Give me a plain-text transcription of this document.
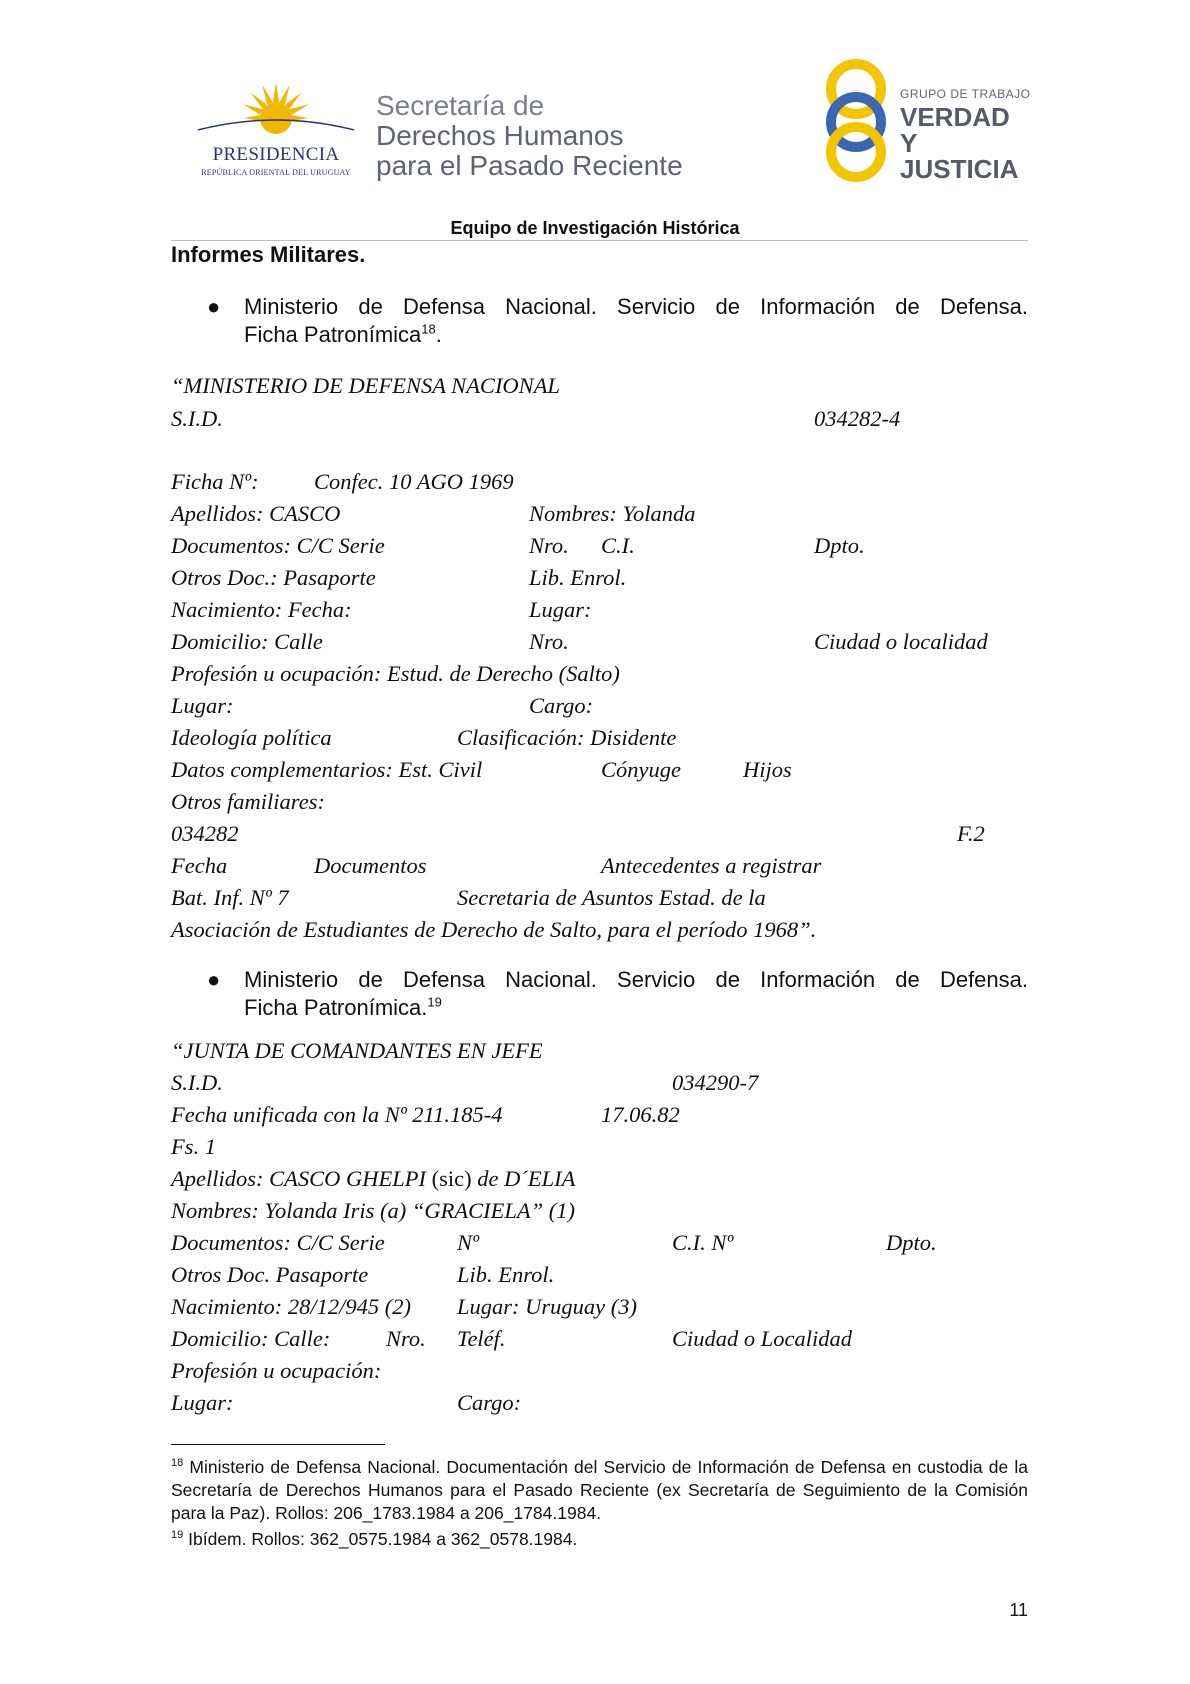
PRESIDENCIA
REPÚBLICA ORIENTAL DEL URUGUAY
Secretaría de
Derechos Humanos
para el Pasado Reciente
GRUPO DE TRABAJO
VERDAD Y
JUSTICIA
Equipo de Investigación Histórica
Informes Militares.
● Ministerio de Defensa Nacional. Servicio de Información de Defensa.
Ficha Patronímica$^{18}$.
“MINISTERIO DE DEFENSA NACIONAL
S.I.D.	034282-4
Ficha Nº: Confec. 10 AGO 1969
Apellidos: CASCO	Nombres: Yolanda
Documentos: C/C Serie	Nro. C.I.	Dpto.
Otros Doc.: Pasaporte	Lib. Enrol.
Nacimiento: Fecha:	Lugar:
Domicilio: Calle	Nro.	Ciudad o localidad
Profesión u ocupación: Estud. de Derecho (Salto)
Lugar:	Cargo:
Ideología política	Clasificación: Disidente
Datos complementarios: Est. Civil	Cónyuge	Hijos
Otros familiares:
034282	F.2
Fecha	Documentos	Antecedentes a registrar
Bat. Inf. Nº 7	Secretaria de Asuntos Estad. de la
Asociación de Estudiantes de Derecho de Salto, para el período 1968”.
● Ministerio de Defensa Nacional. Servicio de Información de Defensa.
Ficha Patronímica.$^{19}$
“JUNTA DE COMANDANTES EN JEFE
S.I.D.	034290-7
Fecha unificada con la Nº 211.185-4	17.06.82
Fs. 1
Apellidos: CASCO GHELPI (sic) de D´ELIA
Nombres: Yolanda Iris (a) “GRACIELA” (1)
Documentos: C/C Serie	Nº	C.I. Nº	Dpto.
Otros Doc. Pasaporte	Lib. Enrol.
Nacimiento: 28/12/945 (2) Lugar: Uruguay (3)
Domicilio: Calle: Nro. Teléf.	Ciudad o Localidad
Profesión u ocupación:
Lugar:	Cargo:
$^{18}$ Ministerio de Defensa Nacional. Documentación del Servicio de Información de Defensa en custodia de la Secretaría de Derechos Humanos para el Pasado Reciente (ex Secretaría de Seguimiento de la Comisión para la Paz). Rollos: 206_1783.1984 a 206_1784.1984.
$^{19}$ Ibídem. Rollos: 362_0575.1984 a 362_0578.1984.
11
